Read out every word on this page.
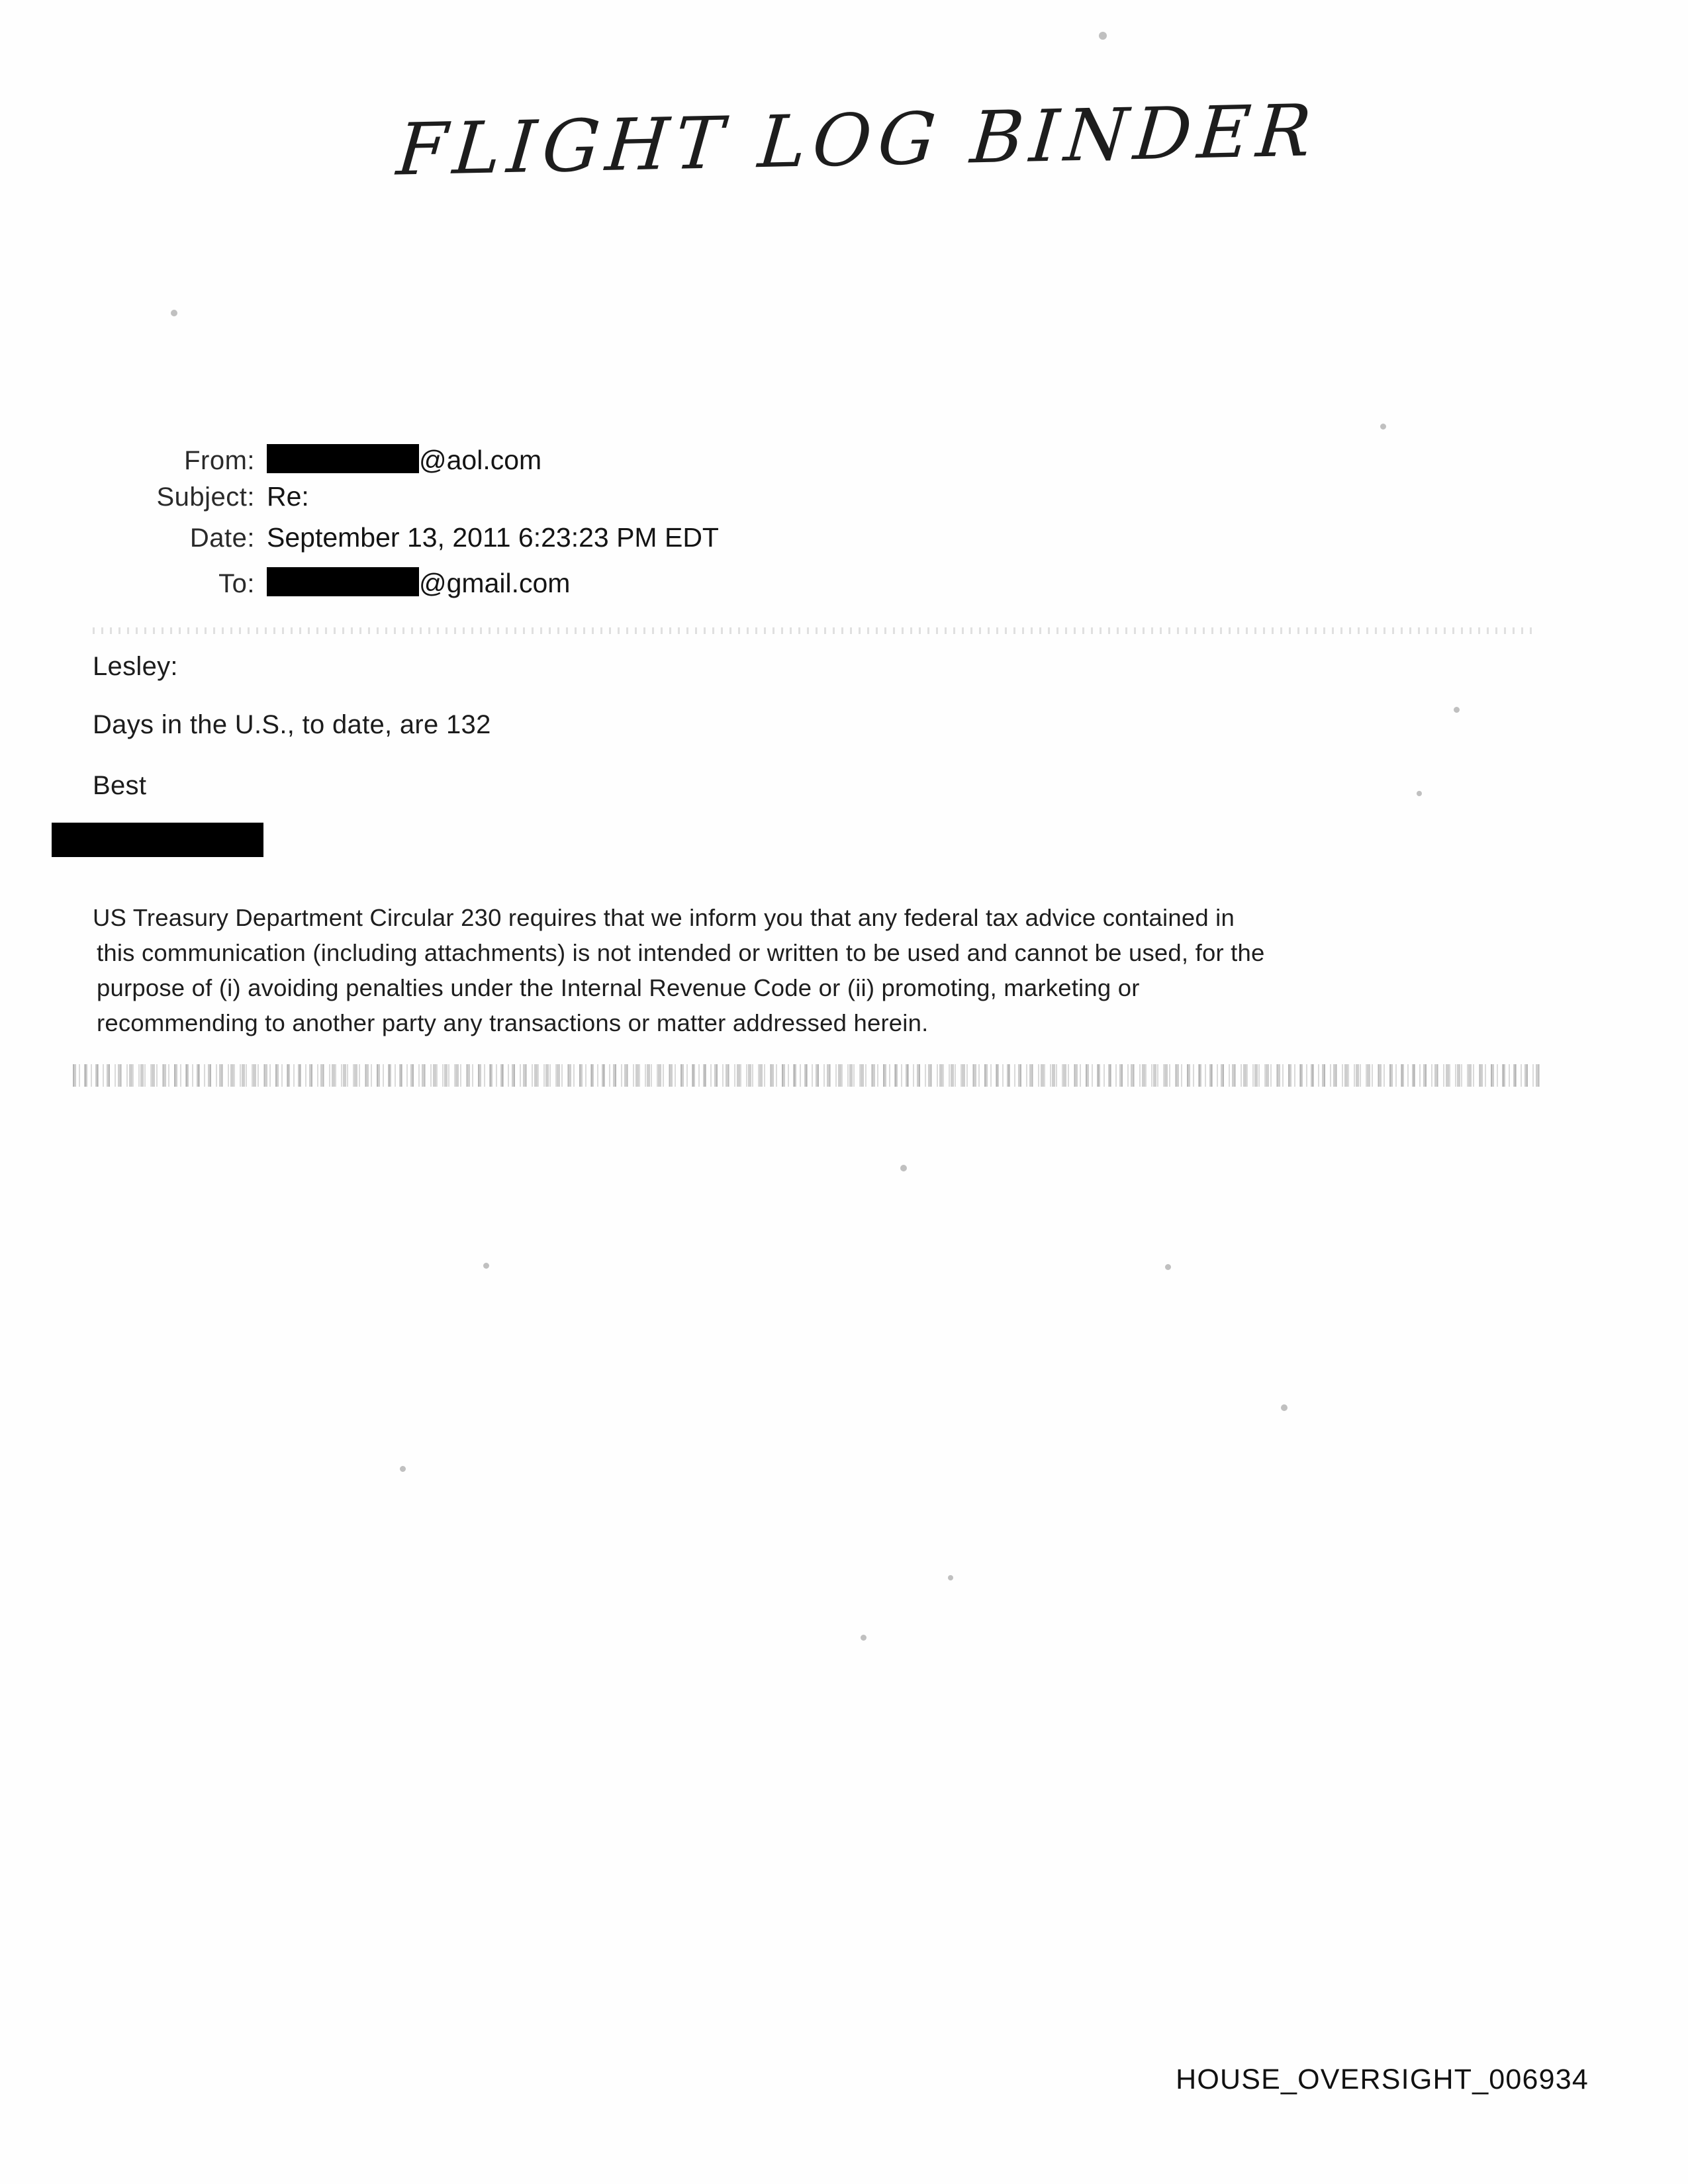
FLIGHT LOG BINDER
From:	@aol.com
Subject: Re:
Date: September 13, 2011 6:23:23 PM EDT
To:	@gmail.com
Lesley:
Days in the U.S., to date, are 132
Best
US Treasury Department Circular 230 requires that we inform you that any federal tax advice contained in
this communication (including attachments) is not intended or written to be used and cannot be used, for the
purpose of (i) avoiding penalties under the Internal Revenue Code or (ii) promoting, marketing or
recommending to another party any transactions or matter addressed herein.
HOUSE_OVERSIGHT_006934
